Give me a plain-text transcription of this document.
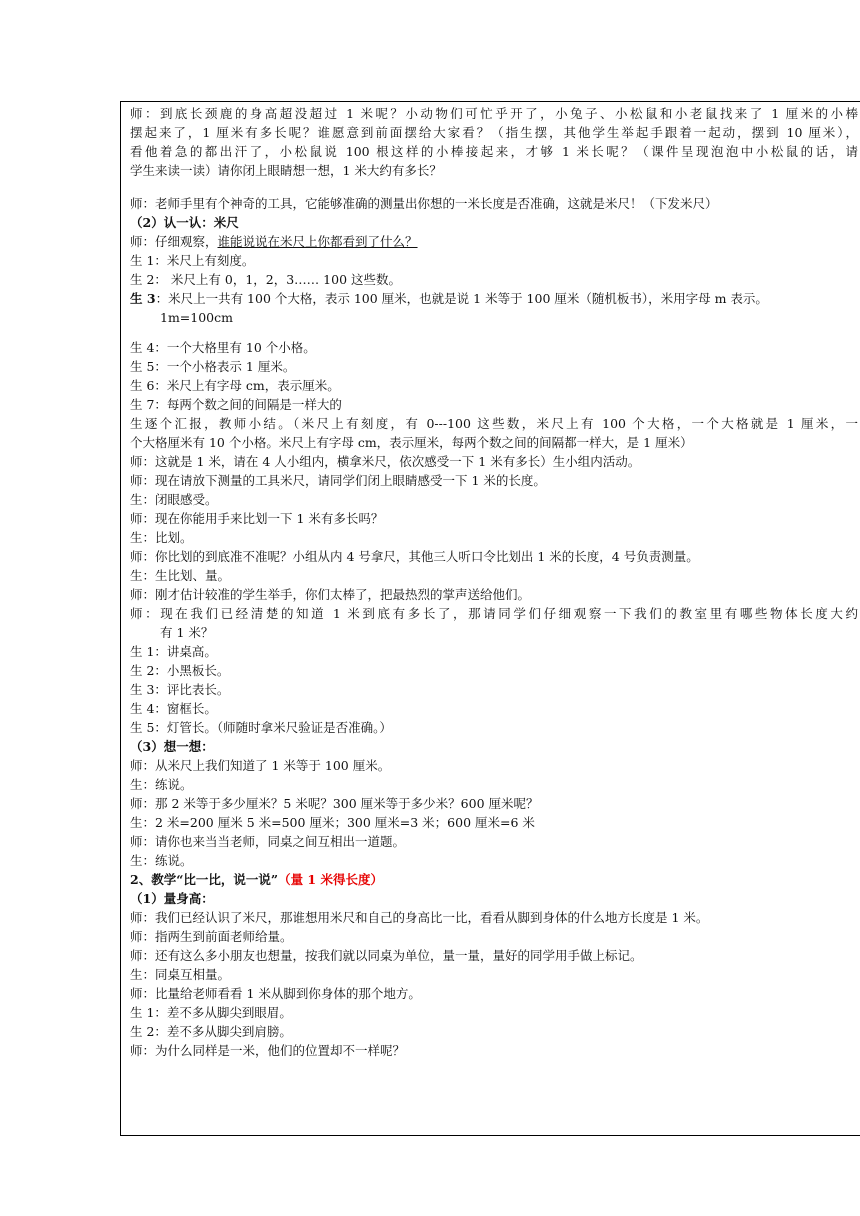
师：到底长颈鹿的身高超没超过 1 米呢？小动物们可忙乎开了，小兔子、小松鼠和小老鼠找来了 1 厘米的小棒
摆起来了，1 厘米有多长呢？谁愿意到前面摆给大家看？（指生摆，其他学生举起手跟着一起动，摆到 10 厘米），
看他着急的都出汗了，小松鼠说 100 根这样的小棒接起来，才够 1 米长呢？（课件呈现泡泡中小松鼠的话，请
学生来读一读）请你闭上眼睛想一想，1 米大约有多长？
师：老师手里有个神奇的工具，它能够准确的测量出你想的一米长度是否准确，这就是米尺！（下发米尺）
（2）认一认：米尺
师：仔细观察，谁能说说在米尺上你都看到了什么？
生 1：米尺上有刻度。
生 2： 米尺上有 0，1，2，3…… 100 这些数。
生 3：米尺上一共有 100 个大格，表示 100 厘米，也就是说 1 米等于 100 厘米（随机板书），米用字母 m 表示。
1m=100cm
生 4：一个大格里有 10 个小格。
生 5：一个小格表示 1 厘米。
生 6：米尺上有字母 cm，表示厘米。
生 7：每两个数之间的间隔是一样大的
生逐个汇报，教师小结。（米尺上有刻度，有 0---100 这些数，米尺上有 100 个大格，一个大格就是 1 厘米，一
个大格厘米有 10 个小格。米尺上有字母 cm，表示厘米，每两个数之间的间隔都一样大，是 1 厘米）
师：这就是 1 米，请在 4 人小组内，横拿米尺，依次感受一下 1 米有多长）生小组内活动。
师：现在请放下测量的工具米尺，请同学们闭上眼睛感受一下 1 米的长度。
生：闭眼感受。
师：现在你能用手来比划一下 1 米有多长吗？
生：比划。
师：你比划的到底准不准呢？小组从内 4 号拿尺，其他三人听口令比划出 1 米的长度，4 号负责测量。
生：生比划、量。
师：刚才估计较准的学生举手，你们太棒了，把最热烈的掌声送给他们。
师：现在我们已经清楚的知道 1 米到底有多长了，那请同学们仔细观察一下我们的教室里有哪些物体长度大约
有 1 米？
生 1：讲桌高。
生 2：小黑板长。
生 3：评比表长。
生 4：窗框长。
生 5：灯管长。（师随时拿米尺验证是否准确。）
（3）想一想：
师：从米尺上我们知道了 1 米等于 100 厘米。
生：练说。
师：那 2 米等于多少厘米？5 米呢？300 厘米等于多少米？600 厘米呢？
生：2 米=200 厘米 5 米=500 厘米；300 厘米=3 米；600 厘米=6 米
师：请你也来当当老师，同桌之间互相出一道题。
生：练说。
2、教学“比一比，说一说”（量 1 米得长度）
（1）量身高：
师：我们已经认识了米尺，那谁想用米尺和自己的身高比一比，看看从脚到身体的什么地方长度是 1 米。
师：指两生到前面老师给量。
师：还有这么多小朋友也想量，按我们就以同桌为单位，量一量，量好的同学用手做上标记。
生：同桌互相量。
师：比量给老师看看 1 米从脚到你身体的那个地方。
生 1：差不多从脚尖到眼眉。
生 2：差不多从脚尖到肩膀。
师：为什么同样是一米，他们的位置却不一样呢？
